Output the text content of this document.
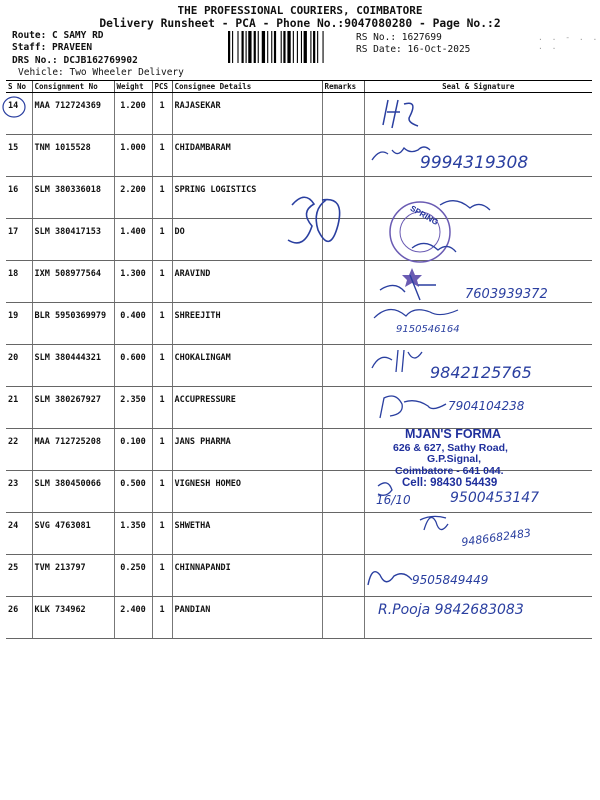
THE PROFESSIONAL COURIERS, COIMBATORE
Delivery Runsheet - PCA - Phone No.:9047080280 - Page No.:2
Route: C SAMY RD
Staff: PRAVEEN
DRS No.: DCJB162769902
Vehicle: Two Wheeler Delivery
RS No.: 1627699
RS Date: 16-Oct-2025
. . - . . . .
S No	Consignment No	Weight	PCS	Consignee Details	Remarks	Seal & Signature
14	MAA 712724369	1.200	1	RAJASEKAR		
15	TNM 1015528	1.000	1	CHIDAMBARAM		
16	SLM 380336018	2.200	1	SPRING LOGISTICS		
17	SLM 380417153	1.400	1	DO		
18	IXM 508977564	1.300	1	ARAVIND		
19	BLR 5950369979	0.400	1	SHREEJITH		
20	SLM 380444321	0.600	1	CHOKALINGAM		
21	SLM 380267927	2.350	1	ACCUPRESSURE		
22	MAA 712725208	0.100	1	JANS PHARMA		
23	SLM 380450066	0.500	1	VIGNESH HOMEO		
24	SVG 4763081	1.350	1	SHWETHA		
25	TVM 213797	0.250	1	CHINNAPANDI		
26	KLK 734962	2.400	1	PANDIAN		
9994319308
SPRING
7603939372
9150546164
9842125765
7904104238
MJAN'S FORMA
626 & 627, Sathy Road,
G.P.Signal,
Coimbatore - 641 044.
Cell: 98430 54439
16/10	9500453147
9486682483
9505849449
R.Pooja 9842683083
